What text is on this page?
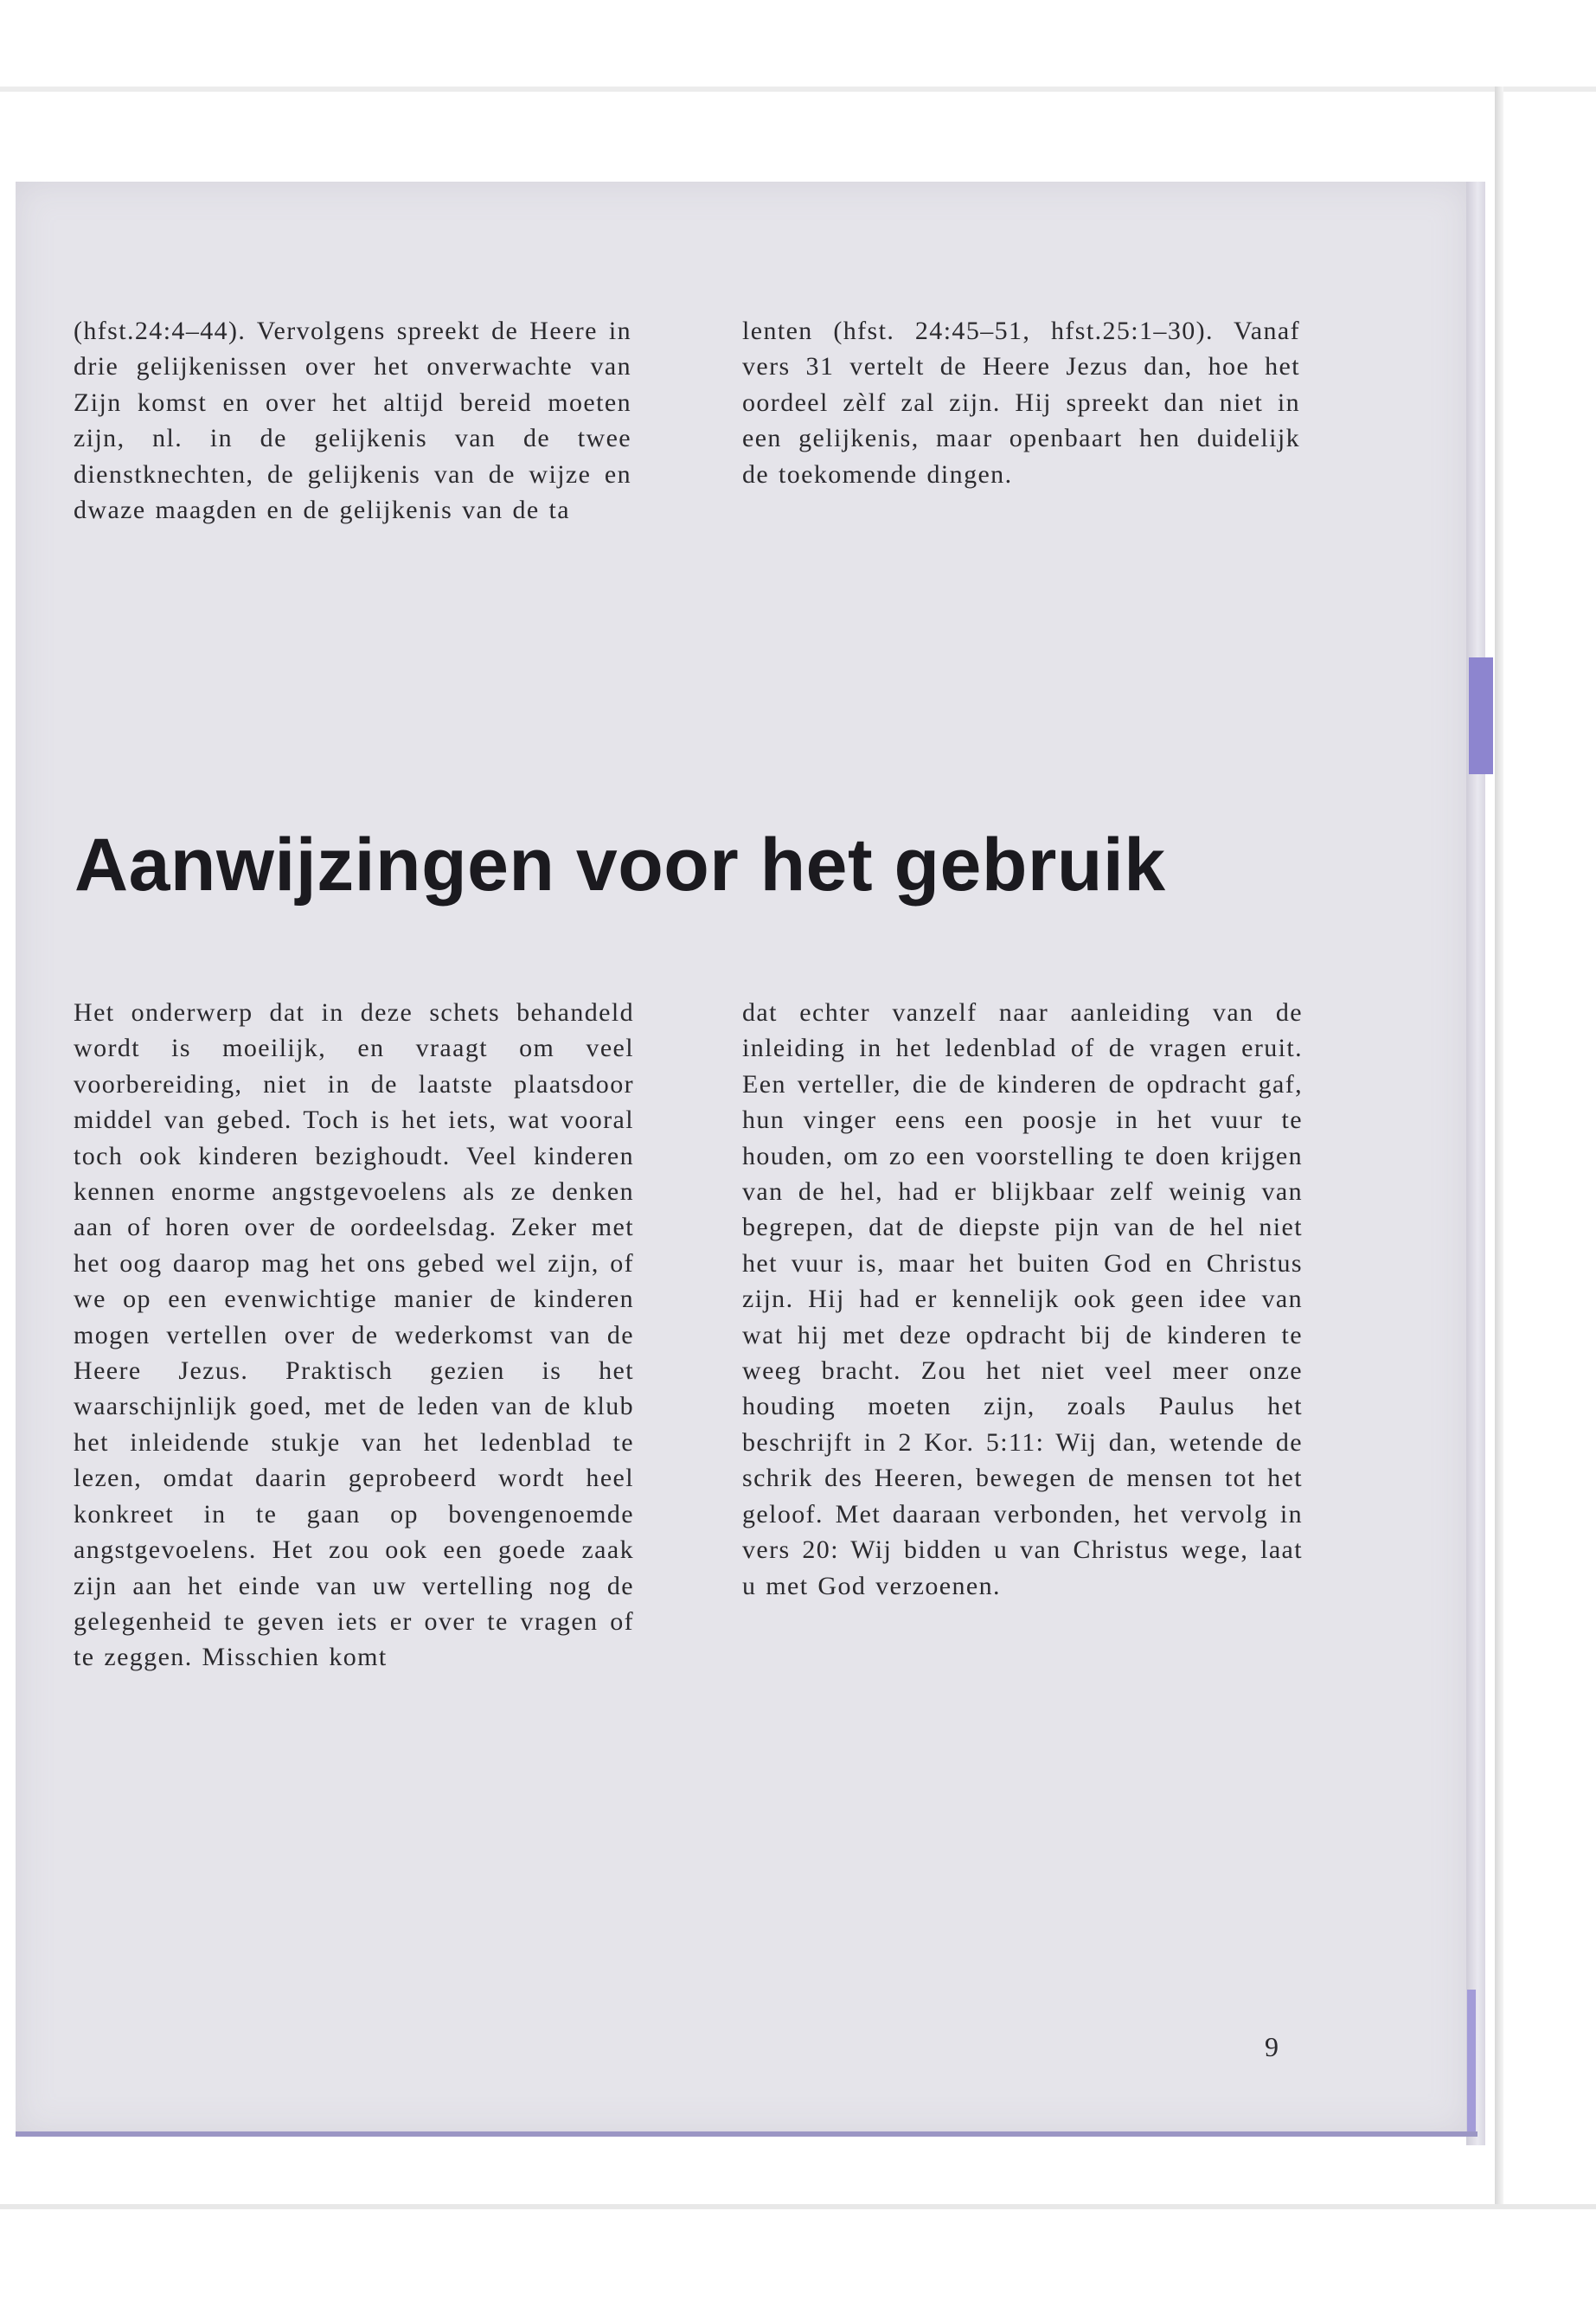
(hfst.24:4–44). Vervolgens spreekt de Heere in drie gelijkenissen over het onverwachte van Zijn komst en over het altijd bereid moeten zijn, nl. in de gelijkenis van de twee dienstknechten, de gelijkenis van de wijze en dwaze maagden en de gelijkenis van de ta

lenten (hfst. 24:45–51, hfst.25:1–30). Vanaf vers 31 vertelt de Heere Jezus dan, hoe het oordeel zèlf zal zijn. Hij spreekt dan niet in een gelijkenis, maar openbaart hen duidelijk de toekomende dingen.

Aanwijzingen voor het gebruik

Het onderwerp dat in deze schets behandeld wordt is moeilijk, en vraagt om veel voorbereiding, niet in de laatste plaatsdoor middel van gebed. Toch is het iets, wat vooral toch ook kinderen bezighoudt. Veel kinderen kennen enorme angstgevoelens als ze denken aan of horen over de oordeelsdag. Zeker met het oog daarop mag het ons gebed wel zijn, of we op een evenwichtige manier de kinderen mogen vertellen over de wederkomst van de Heere Jezus. Praktisch gezien is het waarschijnlijk goed, met de leden van de klub het inleidende stukje van het ledenblad te lezen, omdat daarin geprobeerd wordt heel konkreet in te gaan op bovengenoemde angstgevoelens. Het zou ook een goede zaak zijn aan het einde van uw vertelling nog de gelegenheid te geven iets er over te vragen of te zeggen. Misschien komt

dat echter vanzelf naar aanleiding van de inleiding in het ledenblad of de vragen eruit. Een verteller, die de kinderen de opdracht gaf, hun vinger eens een poosje in het vuur te houden, om zo een voorstelling te doen krijgen van de hel, had er blijkbaar zelf weinig van begrepen, dat de diepste pijn van de hel niet het vuur is, maar het buiten God en Christus zijn. Hij had er kennelijk ook geen idee van wat hij met deze opdracht bij de kinderen te weeg bracht. Zou het niet veel meer onze houding moeten zijn, zoals Paulus het beschrijft in 2 Kor. 5:11: Wij dan, wetende de schrik des Heeren, bewegen de mensen tot het geloof. Met daaraan verbonden, het vervolg in vers 20: Wij bidden u van Christus wege, laat u met God verzoenen.

9
